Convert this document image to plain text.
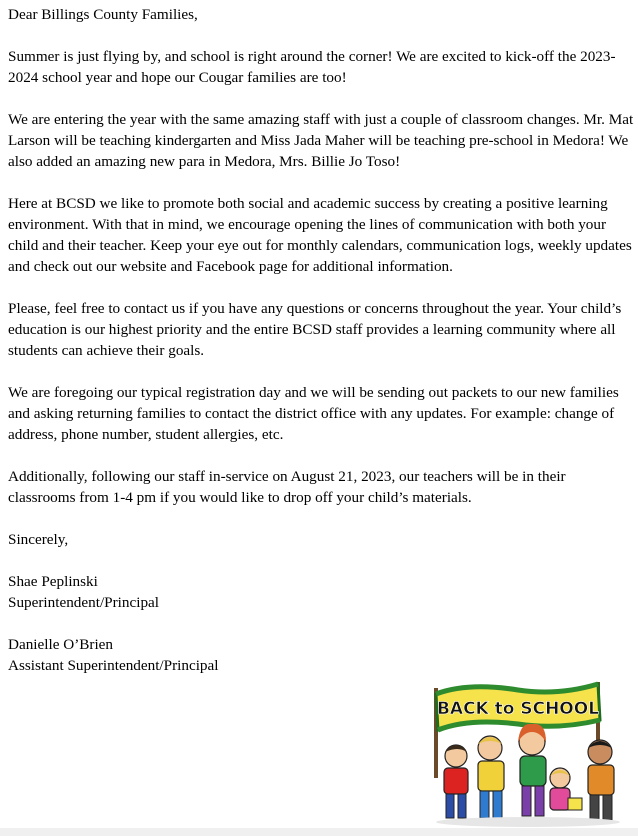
Dear Billings County Families,

Summer is just flying by, and school is right around the corner! We are excited to kick-off the 2023-2024 school year and hope our Cougar families are too!

We are entering the year with the same amazing staff with just a couple of classroom changes. Mr. Mat Larson will be teaching kindergarten and Miss Jada Maher will be teaching pre-school in Medora! We also added an amazing new para in Medora, Mrs. Billie Jo Toso!

Here at BCSD we like to promote both social and academic success by creating a positive learning environment. With that in mind, we encourage opening the lines of communication with both your child and their teacher. Keep your eye out for monthly calendars, communication logs, weekly updates and check out our website and Facebook page for additional information.

Please, feel free to contact us if you have any questions or concerns throughout the year. Your child’s education is our highest priority and the entire BCSD staff provides a learning community where all students can achieve their goals.

We are foregoing our typical registration day and we will be sending out packets to our new families and asking returning families to contact the district office with any updates. For example: change of address, phone number, student allergies, etc.

Additionally, following our staff in-service on August 21, 2023, our teachers will be in their classrooms from 1-4 pm if you would like to drop off your child’s materials.

Sincerely,

Shae Peplinski

Superintendent/Principal

Danielle O’Brien

Assistant Superintendent/Principal

BACK to SCHOOL
